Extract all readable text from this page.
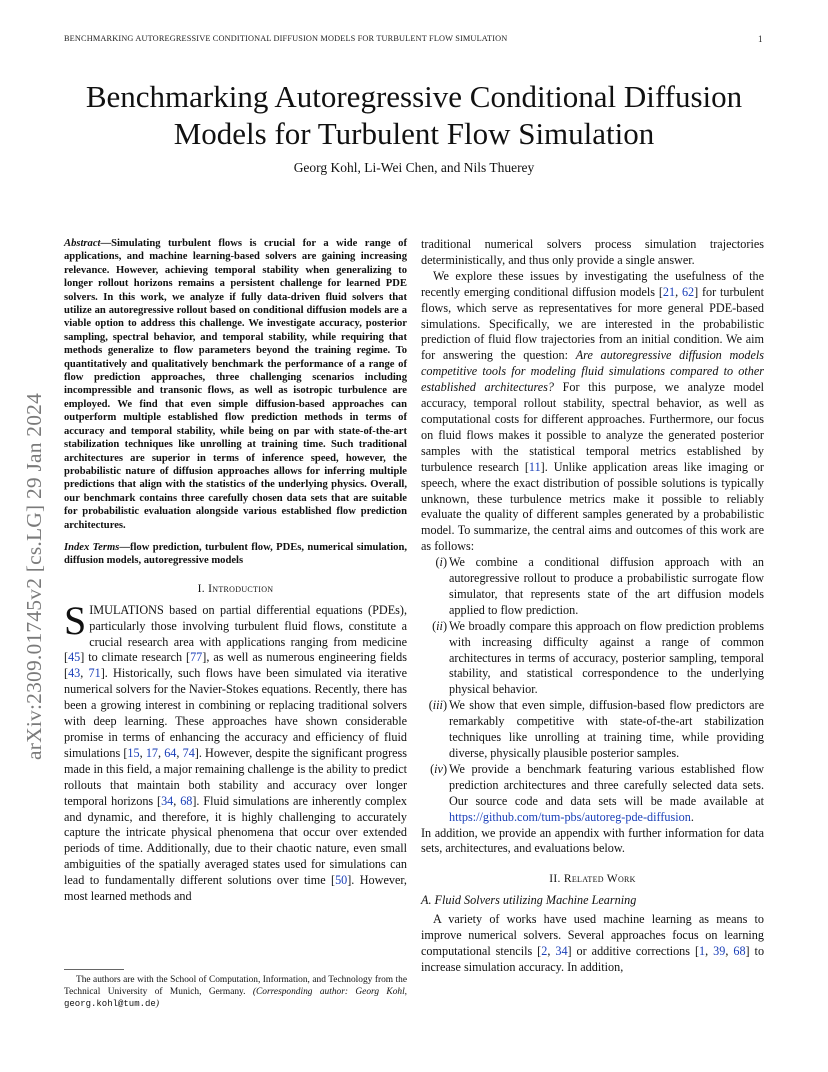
BENCHMARKING AUTOREGRESSIVE CONDITIONAL DIFFUSION MODELS FOR TURBULENT FLOW SIMULATION	1
arXiv:2309.01745v2 [cs.LG] 29 Jan 2024
Benchmarking Autoregressive Conditional Diffusion
Models for Turbulent Flow Simulation
Georg Kohl, Li-Wei Chen, and Nils Thuerey

Abstract—Simulating turbulent flows is crucial for a wide range of applications, and machine learning-based solvers are gaining increasing relevance. However, achieving temporal stability when generalizing to longer rollout horizons remains a persistent challenge for learned PDE solvers. In this work, we analyze if fully data-driven fluid solvers that utilize an autoregressive rollout based on conditional diffusion models are a viable option to address this challenge. We investigate accuracy, posterior sampling, spectral behavior, and temporal stability, while requiring that methods generalize to flow parameters beyond the training regime. To quantitatively and qualitatively benchmark the performance of a range of flow prediction approaches, three challenging scenarios including incompressible and transonic flows, as well as isotropic turbulence are employed. We find that even simple diffusion-based approaches can outperform multiple established flow prediction methods in terms of accuracy and temporal stability, while being on par with state-of-the-art stabilization techniques like unrolling at training time. Such traditional architectures are superior in terms of inference speed, however, the probabilistic nature of diffusion approaches allows for inferring multiple predictions that align with the statistics of the underlying physics. Overall, our benchmark contains three carefully chosen data sets that are suitable for probabilistic evaluation alongside various established flow prediction architectures.

Index Terms—flow prediction, turbulent flow, PDEs, numerical simulation, diffusion models, autoregressive models

I. Introduction

SIMULATIONS based on partial differential equations (PDEs), particularly those involving turbulent fluid flows, constitute a crucial research area with applications ranging from medicine [45] to climate research [77], as well as numerous engineering fields [43, 71]. Historically, such flows have been simulated via iterative numerical solvers for the Navier-Stokes equations. Recently, there has been a growing interest in combining or replacing traditional solvers with deep learning. These approaches have shown considerable promise in terms of enhancing the accuracy and efficiency of fluid simulations [15, 17, 64, 74]. However, despite the significant progress made in this field, a major remaining challenge is the ability to predict rollouts that maintain both stability and accuracy over longer temporal horizons [34, 68]. Fluid simulations are inherently complex and dynamic, and therefore, it is highly challenging to accurately capture the intricate physical phenomena that occur over extended periods of time. Additionally, due to their chaotic nature, even small ambiguities of the spatially averaged states used for simulations can lead to fundamentally different solutions over time [50]. However, most learned methods and

The authors are with the School of Computation, Information, and Technology from the Technical University of Munich, Germany. (Corresponding author: Georg Kohl, georg.kohl@tum.de)

traditional numerical solvers process simulation trajectories deterministically, and thus only provide a single answer.

We explore these issues by investigating the usefulness of the recently emerging conditional diffusion models [21, 62] for turbulent flows, which serve as representatives for more general PDE-based simulations. Specifically, we are interested in the probabilistic prediction of fluid flow trajectories from an initial condition. We aim for answering the question: Are autoregressive diffusion models competitive tools for modeling fluid simulations compared to other established architectures? For this purpose, we analyze model accuracy, temporal rollout stability, spectral behavior, as well as computational costs for different approaches. Furthermore, our focus on fluid flows makes it possible to analyze the generated posterior samples with the statistical temporal metrics established by turbulence research [11]. Unlike application areas like imaging or speech, where the exact distribution of possible solutions is typically unknown, these turbulence metrics make it possible to reliably evaluate the quality of different samples generated by a probabilistic model. To summarize, the central aims and outcomes of this work are as follows:

(i) We combine a conditional diffusion approach with an autoregressive rollout to produce a probabilistic surrogate flow simulator, that represents state of the art diffusion models applied to flow prediction.
(ii) We broadly compare this approach on flow prediction problems with increasing difficulty against a range of common architectures in terms of accuracy, posterior sampling, temporal stability, and statistical correspondence to the underlying physical behavior.
(iii) We show that even simple, diffusion-based flow predictors are remarkably competitive with state-of-the-art stabilization techniques like unrolling at training time, while providing diverse, physically plausible posterior samples.
(iv) We provide a benchmark featuring various established flow prediction architectures and three carefully selected data sets. Our source code and data sets will be made available at https://github.com/tum-pbs/autoreg-pde-diffusion.

In addition, we provide an appendix with further information for data sets, architectures, and evaluations below.

II. Related Work
A. Fluid Solvers utilizing Machine Learning

A variety of works have used machine learning as means to improve numerical solvers. Several approaches focus on learning computational stencils [2, 34] or additive corrections [1, 39, 68] to increase simulation accuracy. In addition,
